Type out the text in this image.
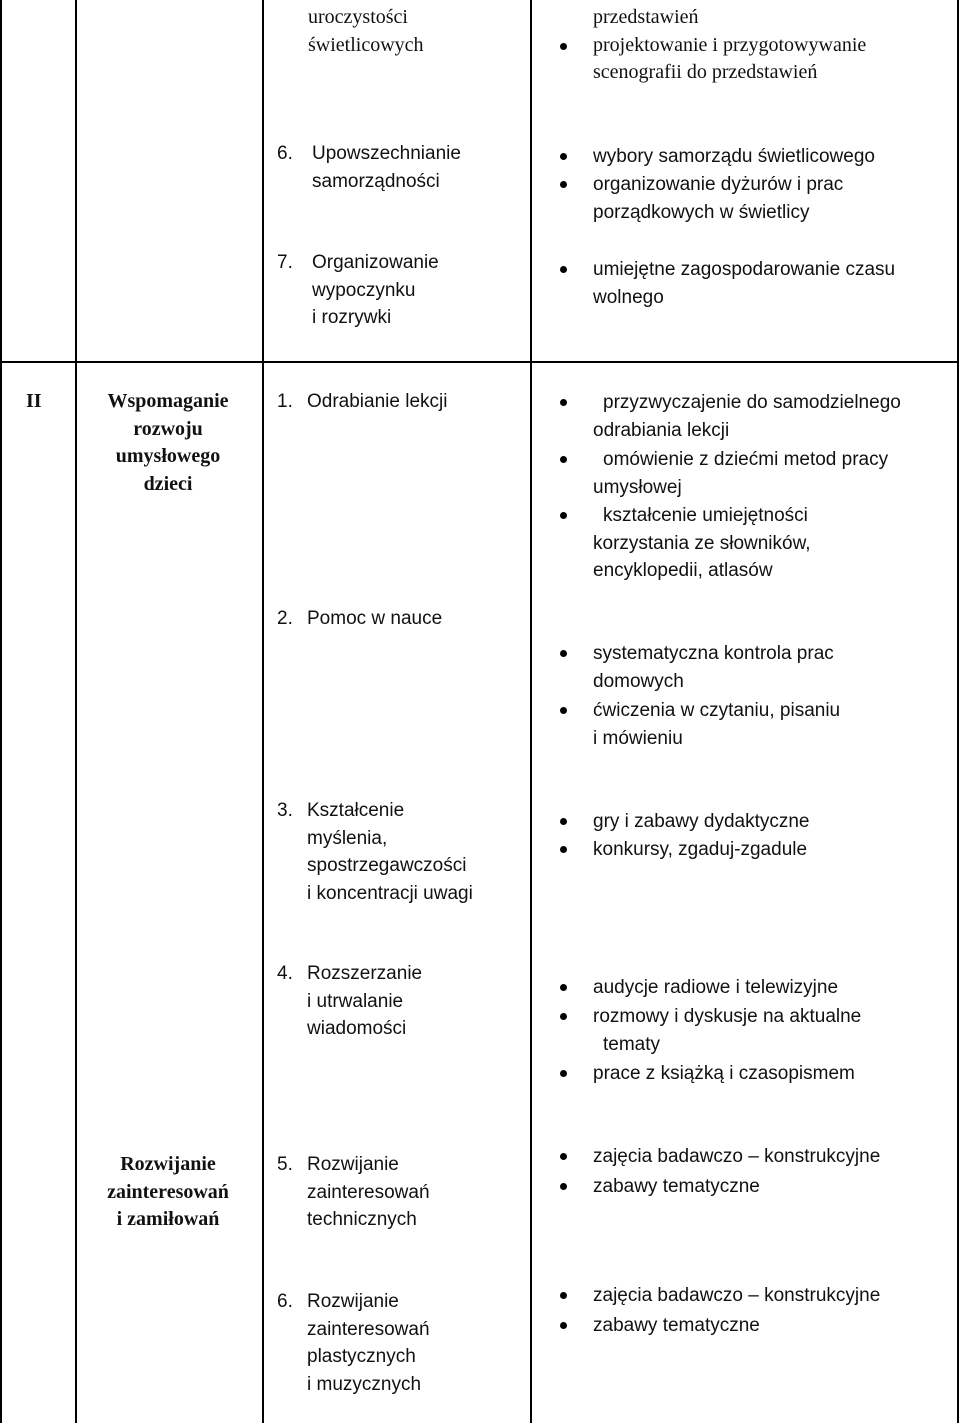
uroczystości
świetlicowych
przedstawień
projektowanie i przygotowywanie
scenografii do przedstawień
6. Upowszechnianie
samorządności
wybory samorządu świetlicowego
organizowanie dyżurów i prac
porządkowych w świetlicy
7. Organizowanie
wypoczynku
i rozrywki
umiejętne zagospodarowanie czasu
wolnego
II	Wspomaganie
rozwoju
umysłowego
dzieci
1. Odrabianie lekcji	przyzwyczajenie do samodzielnego
odrabiania lekcji
omówienie z dziećmi metod pracy
umysłowej
kształcenie umiejętności
korzystania ze słowników,
encyklopedii, atlasów
2. Pomoc w nauce
systematyczna kontrola prac
domowych
ćwiczenia w czytaniu, pisaniu
i mówieniu
3. Kształcenie
myślenia,
spostrzegawczości
i koncentracji uwagi
gry i zabawy dydaktyczne
konkursy, zgaduj-zgadule
4. Rozszerzanie
i utrwalanie
wiadomości
audycje radiowe i telewizyjne
rozmowy i dyskusje na aktualne
tematy
prace z książką i czasopismem
Rozwijanie
zainteresowań
i zamiłowań
5. Rozwijanie
zainteresowań
technicznych
zajęcia badawczo – konstrukcyjne
zabawy tematyczne
6. Rozwijanie
zainteresowań
plastycznych
i muzycznych
zajęcia badawczo – konstrukcyjne
zabawy tematyczne
